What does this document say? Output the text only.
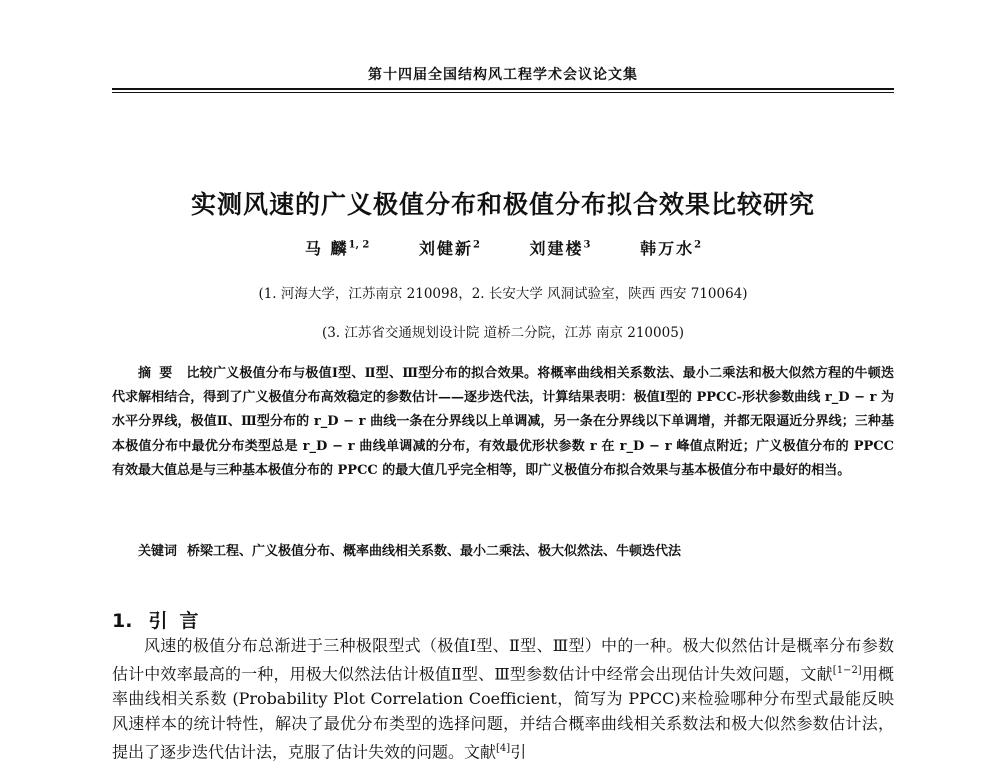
第十四届全国结构风工程学术会议论文集
实测风速的广义极值分布和极值分布拟合效果比较研究
马 麟$^{1, 2}$	刘健新$^2$	刘建楼$^3$	韩万水$^2$
(1. 河海大学，江苏南京 210098，2. 长安大学 风洞试验室，陕西 西安 710064)
(3. 江苏省交通规划设计院 道桥二分院，江苏 南京 210005)
摘要 比较广义极值分布与极值Ⅰ型、Ⅱ型、Ⅲ型分布的拟合效果。将概率曲线相关系数法、最小二乘法和极大似然方程的牛顿迭代求解相结合，得到了广义极值分布高效稳定的参数估计——逐步迭代法，计算结果表明：极值Ⅰ型的 PPCC-形状参数曲线 r_D − r 为水平分界线，极值Ⅱ、Ⅲ型分布的 r_D − r 曲线一条在分界线以上单调减，另一条在分界线以下单调增，并都无限逼近分界线；三种基本极值分布中最优分布类型总是 r_D − r 曲线单调减的分布，有效最优形状参数 r 在 r_D − r 峰值点附近；广义极值分布的 PPCC 有效最大值总是与三种基本极值分布的 PPCC 的最大值几乎完全相等，即广义极值分布拟合效果与基本极值分布中最好的相当。
关键词 桥梁工程、广义极值分布、概率曲线相关系数、最小二乘法、极大似然法、牛顿迭代法
1. 引言
风速的极值分布总渐进于三种极限型式（极值Ⅰ型、Ⅱ型、Ⅲ型）中的一种。极大似然估计是概率分布参数估计中效率最高的一种，用极大似然法估计极值Ⅱ型、Ⅲ型参数估计中经常会出现估计失效问题，文献[1−2]用概率曲线相关系数 (Probability Plot Correlation Coefficient，简写为 PPCC)来检验哪种分布型式最能反映风速样本的统计特性，解决了最优分布类型的选择问题，并结合概率曲线相关系数法和极大似然参数估计法，提出了逐步迭代估计法，克服了估计失效的问题。文献[4]引
